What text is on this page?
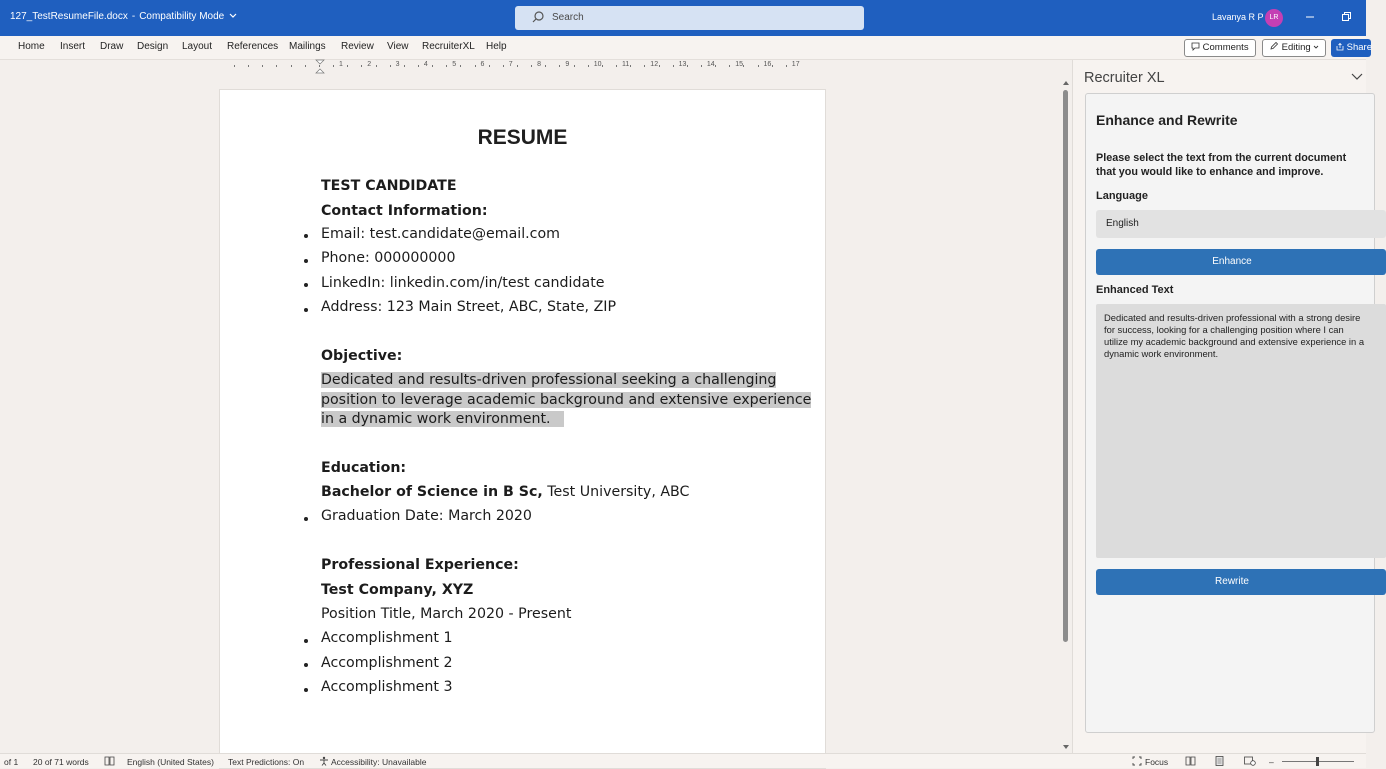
127_TestResumeFile.docx - Compatibility Mode	Search	Lavanya R P LR
Home Insert Draw Design Layout References Mailings Review View RecruiterXL Help	Comments	Editing	Share
1	2	3	4	5	6	7	8	9	10	11	12	13	14	15	16	17
RESUME
TEST CANDIDATE
Contact Information:
Email: test.candidate@email.com
Phone: 000000000
LinkedIn: linkedin.com/in/test candidate
Address: 123 Main Street, ABC, State, ZIP
Objective:
Dedicated and results-driven professional seeking a challenging
position to leverage academic background and extensive experience
in a dynamic work environment.
Education:
Bachelor of Science in B Sc, Test University, ABC
Graduation Date: March 2020
Professional Experience:
Test Company, XYZ
Position Title, March 2020 - Present
Accomplishment 1
Accomplishment 2
Accomplishment 3
Recruiter XL
Enhance and Rewrite
Please select the text from the current document that you would like to enhance and improve.
Language
English
Enhance
Enhanced Text
Dedicated and results-driven professional with a strong desire for success, looking for a challenging position where I can utilize my academic background and extensive experience in a dynamic work environment.
Rewrite
of 1 20 of 71 words	English (United States) Text Predictions: On	Accessibility: Unavailable	Focus	–
